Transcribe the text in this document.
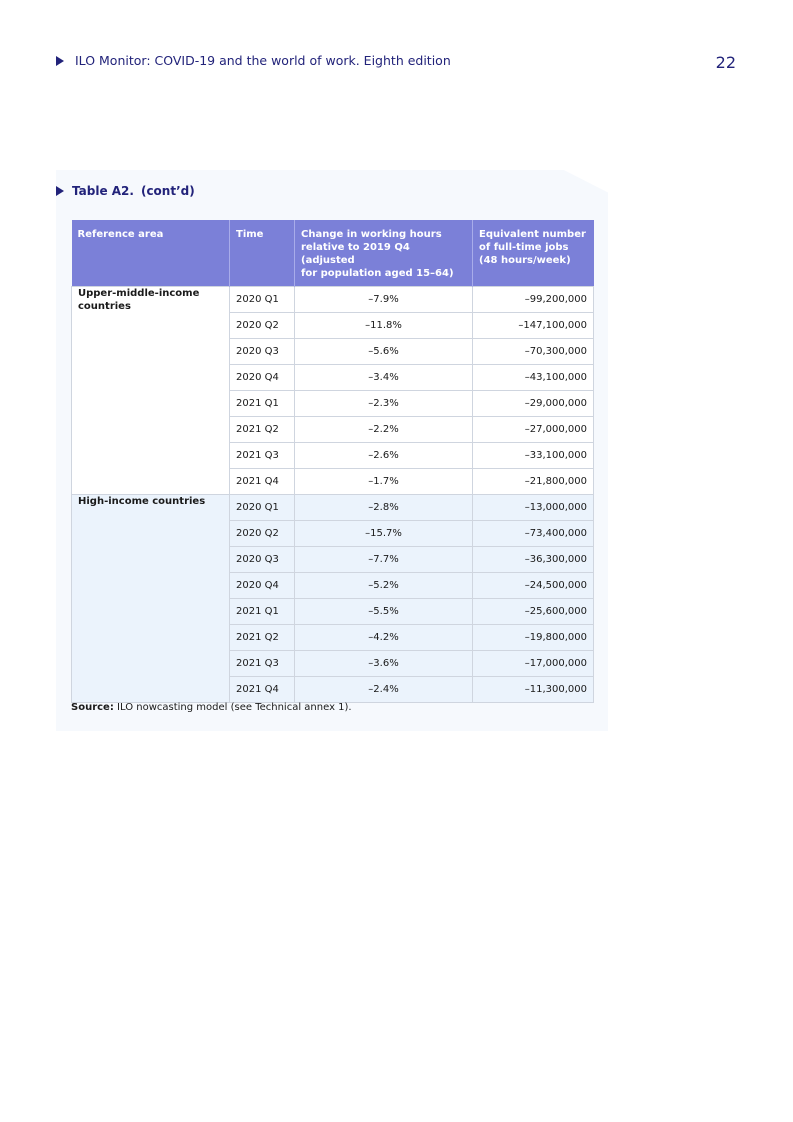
ILO Monitor: COVID-19 and the world of work. Eighth edition	22
Table A2. (cont’d)
Reference area	Time	Change in working hours
relative to 2019 Q4 (adjusted
for population aged 15–64)	Equivalent number
of full-time jobs
(48 hours/week)
Upper-middle-income countries	2020 Q1	–7.9%	–99,200,000
	2020 Q2	–11.8%	–147,100,000
	2020 Q3	–5.6%	–70,300,000
	2020 Q4	–3.4%	–43,100,000
	2021 Q1	–2.3%	–29,000,000
	2021 Q2	–2.2%	–27,000,000
	2021 Q3	–2.6%	–33,100,000
	2021 Q4	–1.7%	–21,800,000
High-income countries	2020 Q1	–2.8%	–13,000,000
	2020 Q2	–15.7%	–73,400,000
	2020 Q3	–7.7%	–36,300,000
	2020 Q4	–5.2%	–24,500,000
	2021 Q1	–5.5%	–25,600,000
	2021 Q2	–4.2%	–19,800,000
	2021 Q3	–3.6%	–17,000,000
	2021 Q4	–2.4%	–11,300,000
Source: ILO nowcasting model (see Technical annex 1).
